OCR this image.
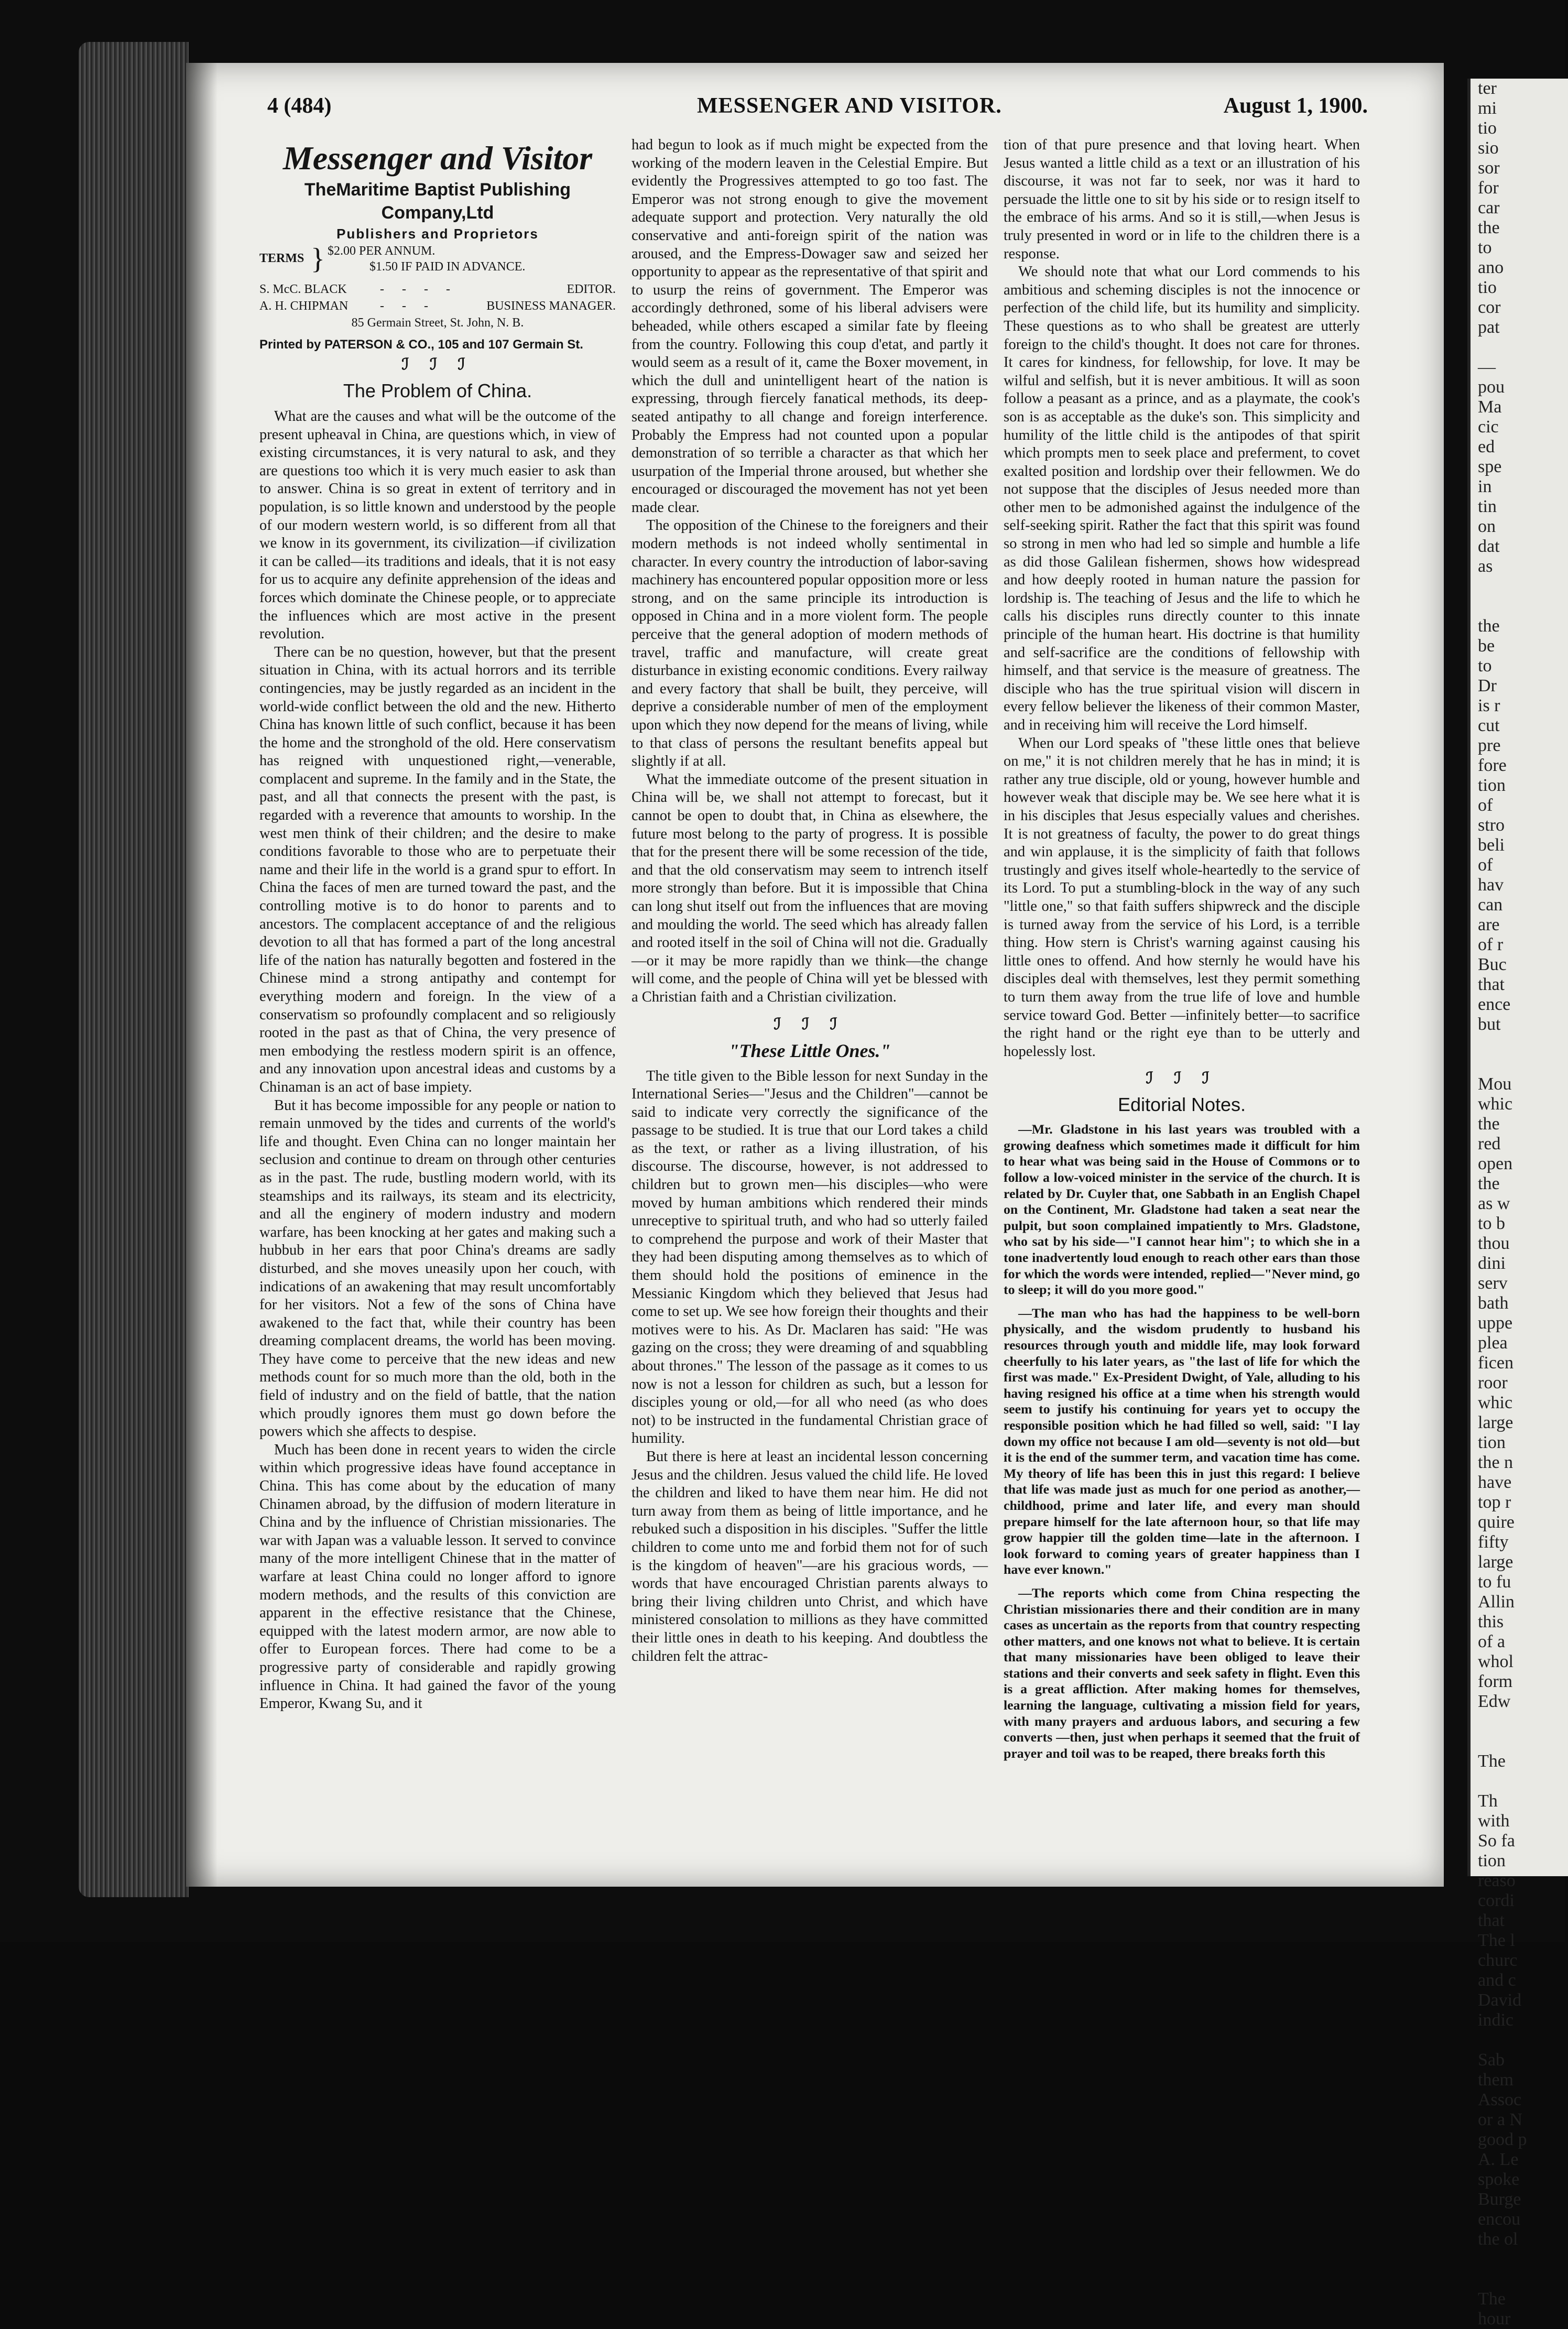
4 (484)	MESSENGER AND VISITOR.	August 1, 1900.
Messenger and Visitor
TheMaritime Baptist Publishing Company,Ltd
Publishers and Proprietors
TERMS } $2.00 PER ANNUM.
$1.50 IF PAID IN ADVANCE.
S. McC. BLACK	- - - -	EDITOR.
A. H. CHIPMAN	- - -	BUSINESS MANAGER.
85 Germain Street, St. John, N. B.
Printed by PATERSON & CO., 105 and 107 Germain St.
ℐ ℐ ℐ
The Problem of China.

What are the causes and what will be the outcome of the present upheaval in China, are questions which, in view of existing circumstances, it is very natural to ask, and they are questions too which it is very much easier to ask than to answer. China is so great in extent of territory and in population, is so little known and understood by the people of our modern western world, is so different from all that we know in its government, its civilization—if civilization it can be called—its traditions and ideals, that it is not easy for us to acquire any definite apprehension of the ideas and forces which dominate the Chinese people, or to appreciate the influences which are most active in the present revolution.

There can be no question, however, but that the present situation in China, with its actual horrors and its terrible contingencies, may be justly regarded as an incident in the world-wide conflict between the old and the new. Hitherto China has known little of such conflict, because it has been the home and the stronghold of the old. Here conservatism has reigned with unquestioned right,—venerable, complacent and supreme. In the family and in the State, the past, and all that connects the present with the past, is regarded with a reverence that amounts to worship. In the west men think of their children; and the desire to make conditions favorable to those who are to perpetuate their name and their life in the world is a grand spur to effort. In China the faces of men are turned toward the past, and the controlling motive is to do honor to parents and to ancestors. The complacent acceptance of and the religious devotion to all that has formed a part of the long ancestral life of the nation has naturally begotten and fostered in the Chinese mind a strong antipathy and contempt for everything modern and foreign. In the view of a conservatism so profoundly complacent and so religiously rooted in the past as that of China, the very presence of men embodying the restless modern spirit is an offence, and any innovation upon ancestral ideas and customs by a Chinaman is an act of base impiety.

But it has become impossible for any people or nation to remain unmoved by the tides and currents of the world's life and thought. Even China can no longer maintain her seclusion and continue to dream on through other centuries as in the past. The rude, bustling modern world, with its steamships and its railways, its steam and its electricity, and all the enginery of modern industry and modern warfare, has been knocking at her gates and making such a hubbub in her ears that poor China's dreams are sadly disturbed, and she moves uneasily upon her couch, with indications of an awakening that may result uncomfortably for her visitors. Not a few of the sons of China have awakened to the fact that, while their country has been dreaming complacent dreams, the world has been moving. They have come to perceive that the new ideas and new methods count for so much more than the old, both in the field of industry and on the field of battle, that the nation which proudly ignores them must go down before the powers which she affects to despise.

Much has been done in recent years to widen the circle within which progressive ideas have found acceptance in China. This has come about by the education of many Chinamen abroad, by the diffusion of modern literature in China and by the influence of Christian missionaries. The war with Japan was a valuable lesson. It served to convince many of the more intelligent Chinese that in the matter of warfare at least China could no longer afford to ignore modern methods, and the results of this conviction are apparent in the effective resistance that the Chinese, equipped with the latest modern armor, are now able to offer to European forces. There had come to be a progressive party of considerable and rapidly growing influence in China. It had gained the favor of the young Emperor, Kwang Su, and it

had begun to look as if much might be expected from the working of the modern leaven in the Celestial Empire. But evidently the Progressives attempted to go too fast. The Emperor was not strong enough to give the movement adequate support and protection. Very naturally the old conservative and anti-foreign spirit of the nation was aroused, and the Empress-Dowager saw and seized her opportunity to appear as the representative of that spirit and to usurp the reins of government. The Emperor was accordingly dethroned, some of his liberal advisers were beheaded, while others escaped a similar fate by fleeing from the country. Following this coup d'etat, and partly it would seem as a result of it, came the Boxer movement, in which the dull and unintelligent heart of the nation is expressing, through fiercely fanatical methods, its deep-seated antipathy to all change and foreign interference. Probably the Empress had not counted upon a popular demonstration of so terrible a character as that which her usurpation of the Imperial throne aroused, but whether she encouraged or discouraged the movement has not yet been made clear.

The opposition of the Chinese to the foreigners and their modern methods is not indeed wholly sentimental in character. In every country the introduction of labor-saving machinery has encountered popular opposition more or less strong, and on the same principle its introduction is opposed in China and in a more violent form. The people perceive that the general adoption of modern methods of travel, traffic and manufacture, will create great disturbance in existing economic conditions. Every railway and every factory that shall be built, they perceive, will deprive a considerable number of men of the employment upon which they now depend for the means of living, while to that class of persons the resultant benefits appeal but slightly if at all.

What the immediate outcome of the present situation in China will be, we shall not attempt to forecast, but it cannot be open to doubt that, in China as elsewhere, the future most belong to the party of progress. It is possible that for the present there will be some recession of the tide, and that the old conservatism may seem to intrench itself more strongly than before. But it is impossible that China can long shut itself out from the influences that are moving and moulding the world. The seed which has already fallen and rooted itself in the soil of China will not die. Gradually—or it may be more rapidly than we think—the change will come, and the people of China will yet be blessed with a Christian faith and a Christian civilization.

ℐ ℐ ℐ
"These Little Ones."

The title given to the Bible lesson for next Sunday in the International Series—"Jesus and the Children"—cannot be said to indicate very correctly the significance of the passage to be studied. It is true that our Lord takes a child as the text, or rather as a living illustration, of his discourse. The discourse, however, is not addressed to children but to grown men—his disciples—who were moved by human ambitions which rendered their minds unreceptive to spiritual truth, and who had so utterly failed to comprehend the purpose and work of their Master that they had been disputing among themselves as to which of them should hold the positions of eminence in the Messianic Kingdom which they believed that Jesus had come to set up. We see how foreign their thoughts and their motives were to his. As Dr. Maclaren has said: "He was gazing on the cross; they were dreaming of and squabbling about thrones." The lesson of the passage as it comes to us now is not a lesson for children as such, but a lesson for disciples young or old,—for all who need (as who does not) to be instructed in the fundamental Christian grace of humility.

But there is here at least an incidental lesson concerning Jesus and the children. Jesus valued the child life. He loved the children and liked to have them near him. He did not turn away from them as being of little importance, and he rebuked such a disposition in his disciples. "Suffer the little children to come unto me and forbid them not for of such is the kingdom of heaven"—are his gracious words, —words that have encouraged Christian parents always to bring their living children unto Christ, and which have ministered consolation to millions as they have committed their little ones in death to his keeping. And doubtless the children felt the attrac-

tion of that pure presence and that loving heart. When Jesus wanted a little child as a text or an illustration of his discourse, it was not far to seek, nor was it hard to persuade the little one to sit by his side or to resign itself to the embrace of his arms. And so it is still,—when Jesus is truly presented in word or in life to the children there is a response.

We should note that what our Lord commends to his ambitious and scheming disciples is not the innocence or perfection of the child life, but its humility and simplicity. These questions as to who shall be greatest are utterly foreign to the child's thought. It does not care for thrones. It cares for kindness, for fellowship, for love. It may be wilful and selfish, but it is never ambitious. It will as soon follow a peasant as a prince, and as a playmate, the cook's son is as acceptable as the duke's son. This simplicity and humility of the little child is the antipodes of that spirit which prompts men to seek place and preferment, to covet exalted position and lordship over their fellowmen. We do not suppose that the disciples of Jesus needed more than other men to be admonished against the indulgence of the self-seeking spirit. Rather the fact that this spirit was found so strong in men who had led so simple and humble a life as did those Galilean fishermen, shows how widespread and how deeply rooted in human nature the passion for lordship is. The teaching of Jesus and the life to which he calls his disciples runs directly counter to this innate principle of the human heart. His doctrine is that humility and self-sacrifice are the conditions of fellowship with himself, and that service is the measure of greatness. The disciple who has the true spiritual vision will discern in every fellow believer the likeness of their common Master, and in receiving him will receive the Lord himself.

When our Lord speaks of "these little ones that believe on me," it is not children merely that he has in mind; it is rather any true disciple, old or young, however humble and however weak that disciple may be. We see here what it is in his disciples that Jesus especially values and cherishes. It is not greatness of faculty, the power to do great things and win applause, it is the simplicity of faith that follows trustingly and gives itself whole-heartedly to the service of its Lord. To put a stumbling-block in the way of any such "little one," so that faith suffers shipwreck and the disciple is turned away from the service of his Lord, is a terrible thing. How stern is Christ's warning against causing his little ones to offend. And how sternly he would have his disciples deal with themselves, lest they permit something to turn them away from the true life of love and humble service toward God. Better —infinitely better—to sacrifice the right hand or the right eye than to be utterly and hopelessly lost.

ℐ ℐ ℐ
Editorial Notes.

—Mr. Gladstone in his last years was troubled with a growing deafness which sometimes made it difficult for him to hear what was being said in the House of Commons or to follow a low-voiced minister in the service of the church. It is related by Dr. Cuyler that, one Sabbath in an English Chapel on the Continent, Mr. Gladstone had taken a seat near the pulpit, but soon complained impatiently to Mrs. Gladstone, who sat by his side—"I cannot hear him"; to which she in a tone inadvertently loud enough to reach other ears than those for which the words were intended, replied—"Never mind, go to sleep; it will do you more good."

—The man who has had the happiness to be well-born physically, and the wisdom prudently to husband his resources through youth and middle life, may look forward cheerfully to his later years, as "the last of life for which the first was made." Ex-President Dwight, of Yale, alluding to his having resigned his office at a time when his strength would seem to justify his continuing for years yet to occupy the responsible position which he had filled so well, said: "I lay down my office not because I am old—seventy is not old—but it is the end of the summer term, and vacation time has come. My theory of life has been this in just this regard: I believe that life was made just as much for one period as another,—childhood, prime and later life, and every man should prepare himself for the late afternoon hour, so that life may grow happier till the golden time—late in the afternoon. I look forward to coming years of greater happiness than I have ever known."

—The reports which come from China respecting the Christian missionaries there and their condition are in many cases as uncertain as the reports from that country respecting other matters, and one knows not what to believe. It is certain that many missionaries have been obliged to leave their stations and their converts and seek safety in flight. Even this is a great affliction. After making homes for themselves, learning the language, cultivating a mission field for years, with many prayers and arduous labors, and securing a few converts —then, just when perhaps it seemed that the fruit of prayer and toil was to be reaped, there breaks forth this

ter
mi
tio
sio
sor
for
car
the
to
ano
tio
cor
pat

—
pou
Ma
cic
ed
spe
in
tin
on
dat
as

the
be
to
Dr
is r
cut
pre
fore
tion
of
stro
beli
of
hav
can
are
of r
Buc
that
ence
but

Mou
whic
the
red
open
the
as w
to b
thou
dini
serv
bath
uppe
plea
ficen
roor
whic
large
tion
the n
have
top r
quire
fifty
large
to fu
Allin
this
of a
whol
form
Edw

The

Th
with
So fa
tion
reaso
cordi
that
The l
churc
and c
David
indic

Sab
them
Assoc
or a N
good p
A. Le
spoke
Burge
encou
the ol

The
hour
